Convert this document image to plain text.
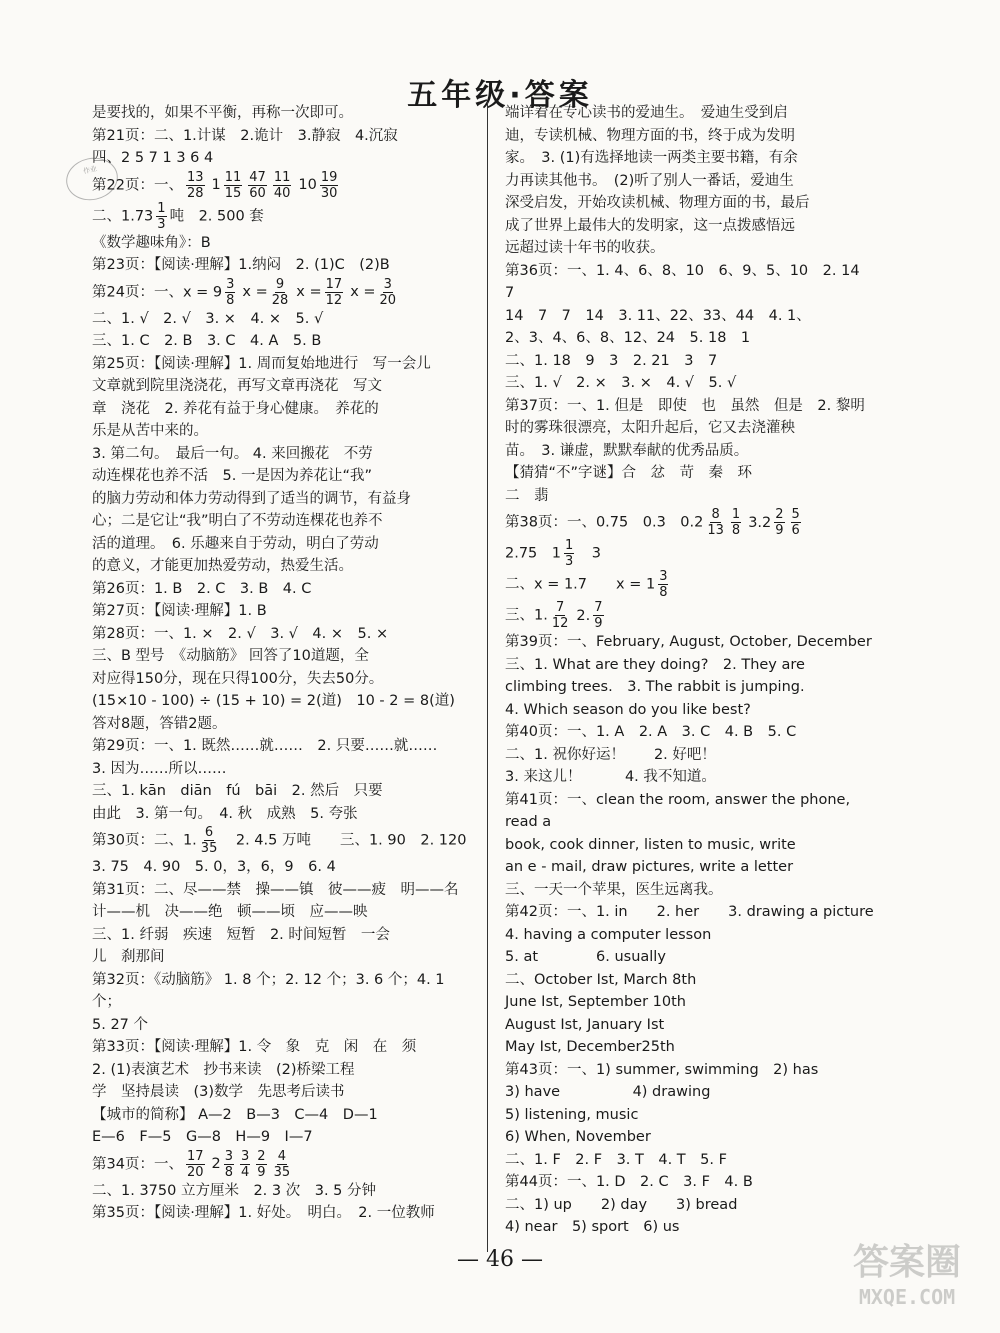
五年级·答案
作业
是要找的，如果不平衡，再称一次即可。
第21页：二、1.计谋　2.诡计　3.静寂　4.沉寂
四、2 5 7 1 3 6 4
第22页：一、 $\frac{13}{28} 1 \frac{11}{15} \frac{47}{60} \frac{11}{40} 10 \frac{19}{30}$
二、$1.73 \frac{1}{3}$ 吨　2. 500 套
《数学趣味角》：B
第23页：【阅读·理解】1.纳闷　2. (1)C　(2)B
第24页：一、$x = 9 \frac{3}{8}$ $x = \frac{9}{28}$ $x = \frac{17}{12}$ $x = \frac{3}{20}$
二、1. √　2. √　3. ×　4. ×　5. √
三、1. C　2. B　3. C　4. A　5. B
第25页：【阅读·理解】1. 周而复始地进行　写一会儿
文章就到院里浇浇花，再写文章再浇花　写文
章　浇花　2. 养花有益于身心健康。　养花的
乐是从苦中来的。
3. 第二句。　最后一句。 4. 来回搬花　不劳
动连棵花也养不活　5. 一是因为养花让“我”
的脑力劳动和体力劳动得到了适当的调节，有益身
心；二是它让“我”明白了不劳动连棵花也养不
活的道理。　6. 乐趣来自于劳动，明白了劳动
的意义，才能更加热爱劳动，热爱生活。
第26页：1. B　2. C　3. B　4. C
第27页：【阅读·理解】1. B
第28页：一、1. ×　2. √　3. √　4. ×　5. ×
三、B 型号　《动脑筋》 回答了10道题，全
对应得150分，现在只得100分，失去50分。
(15×10 - 100) ÷ (15 + 10) = 2(道)　10 - 2 = 8(道)
答对8题，答错2题。
第29页：一、1. 既然……就……　2. 只要……就……
3. 因为……所以……
三、1. kān　diān　fú　bāi　2. 然后　只要
由此　3. 第一句。　4. 秋　成熟　5. 夸张
第30页：二、1. $\frac{6}{35}$ 　2. 4.5 万吨　　三、1. 90　2. 120
3. 75　4. 90　5. 0，3，6，9　6. 4
第31页：二、尽——禁　操——镇　彼——疲　明——名
计——机　决——绝　顿——顷　应——映
三、1. 纤弱　疾速　短暂　2. 时间短暂　一会
儿　刹那间
第32页：《动脑筋》 1. 8 个；2. 12 个；3. 6 个；4. 1 个；
5. 27 个
第33页：【阅读·理解】1. 令　象　克　闲　在　须
2. (1)表演艺术　抄书来读　(2)桥梁工程
学　坚持晨读　(3)数学　先思考后读书
【城市的简称】 A—2　B—3　C—4　D—1
E—6　F—5　G—8　H—9　I—7
第34页：一、 $\frac{17}{20} 2 \frac{3}{8} \frac{3}{4} \frac{2}{9} \frac{4}{35}$
二、1. 3750 立方厘米　2. 3 次　3. 5 分钟
第35页：【阅读·理解】1. 好处。　明白。　2. 一位教师
端详着在专心读书的爱迪生。　爱迪生受到启
迪，专读机械、物理方面的书，终于成为发明
家。　3. (1)有选择地读一两类主要书籍，有余
力再读其他书。　(2)听了别人一番话，爱迪生
深受启发，开始攻读机械、物理方面的书，最后
成了世界上最伟大的发明家，这一点拨感悟远
远超过读十年书的收获。
第36页：一、1. 4、6、8、10　6、9、5、10　2. 14　7
14　7　7　14　3. 11、22、33、44　4. 1、
2、3、4、6、8、12、24　5. 18　1
二、1. 18　9　3　2. 21　3　7
三、1. √　2. ×　3. ×　4. √　5. √
第37页：一、1. 但是　即使　也　虽然　但是　2. 黎明
时的雾珠很漂亮，太阳升起后，它又去浇灌秧
苗。　3. 谦虚，默默奉献的优秀品质。
【猜猜“不”字谜】合　忿　苛　秦　环
二　翡
第38页：一、0.75　0.3　$0.2 \frac{8}{13} \frac{1}{8} 3.2 \frac{2}{9} \frac{5}{6}$
2.75　$1 \frac{1}{3}$ 　3
二、x = 1.7　　$x = 1 \frac{3}{8}$
三、1. $\frac{7}{12} 2$. $\frac{7}{9}$
第39页：一、February, August, October, December
三、1. What are they doing?　2. They are
climbing trees.　3. The rabbit is jumping.
4. Which season do you like best?
第40页：一、1. A　2. A　3. C　4. B　5. C
二、1. 祝你好运！　　2. 好吧！
3. 来这儿！　　　4. 我不知道。
第41页：一、clean the room, answer the phone, read a
book, cook dinner, listen to music, write
an e - mail, draw pictures, write a letter
三、一天一个苹果，医生远离我。
第42页：一、1. in　　2. her　　3. drawing a picture
4. having a computer lesson
5. at　　　　6. usually
二、October Ist, March 8th
June Ist, September 10th
August Ist, January Ist
May Ist, December25th
第43页：一、1) summer, swimming　2) has
3) have　　　　　4) drawing
5) listening, music
6) When, November
二、1. F　2. F　3. T　4. T　5. F
第44页：一、1. D　2. C　3. F　4. B
二、1) up　　2) day　　3) bread
4) near　5) sport　6) us
— 46 —	答案圈
MXQE.COM
